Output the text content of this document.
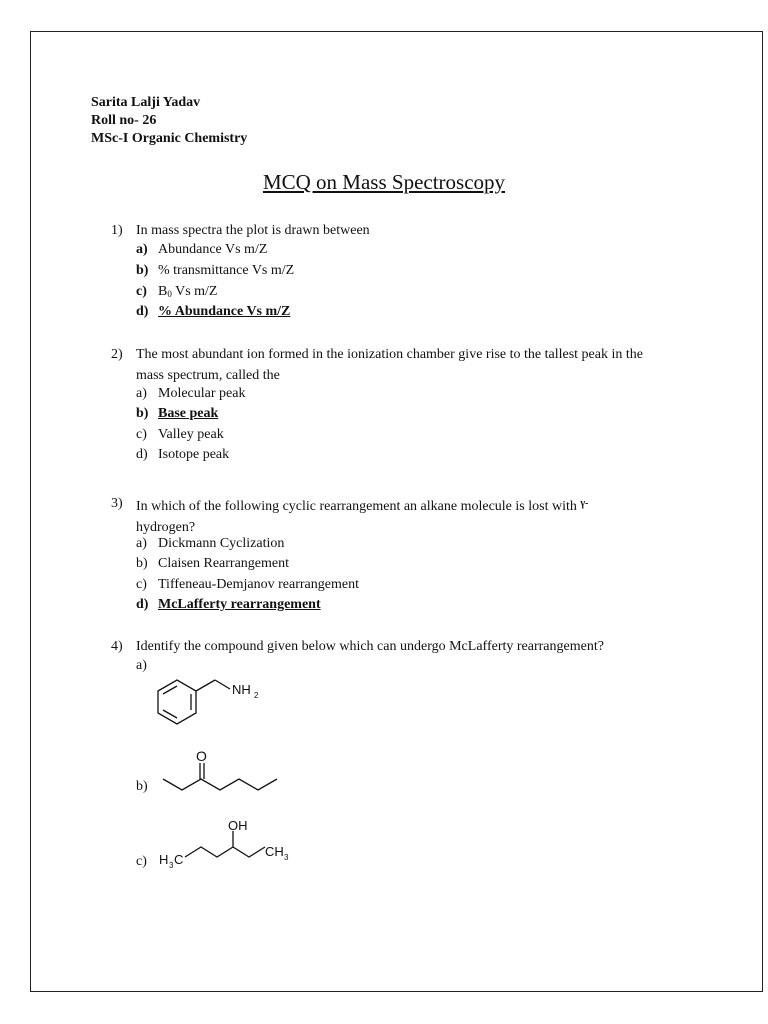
Sarita Lalji Yadav
Roll no- 26
MSc-I Organic Chemistry
MCQ on Mass Spectroscopy
1) In mass spectra the plot is drawn between
a) Abundance Vs m/Z
b) % transmittance Vs m/Z
c) B0 Vs m/Z
d) % Abundance Vs m/Z
2) The most abundant ion formed in the ionization chamber give rise to the tallest peak in the mass spectrum, called the
a) Molecular peak
b) Base peak
c) Valley peak
d) Isotope peak
3) In which of the following cyclic rearrangement an alkane molecule is lost with $^{\gamma-}$
hydrogen?
a) Dickmann Cyclization
b) Claisen Rearrangement
c) Tiffeneau-Demjanov rearrangement
d) McLafferty rearrangement
4) Identify the compound given below which can undergo McLafferty rearrangement?
a)
NH 2
O
b)
OH
H 3 C
CH 3
c)
